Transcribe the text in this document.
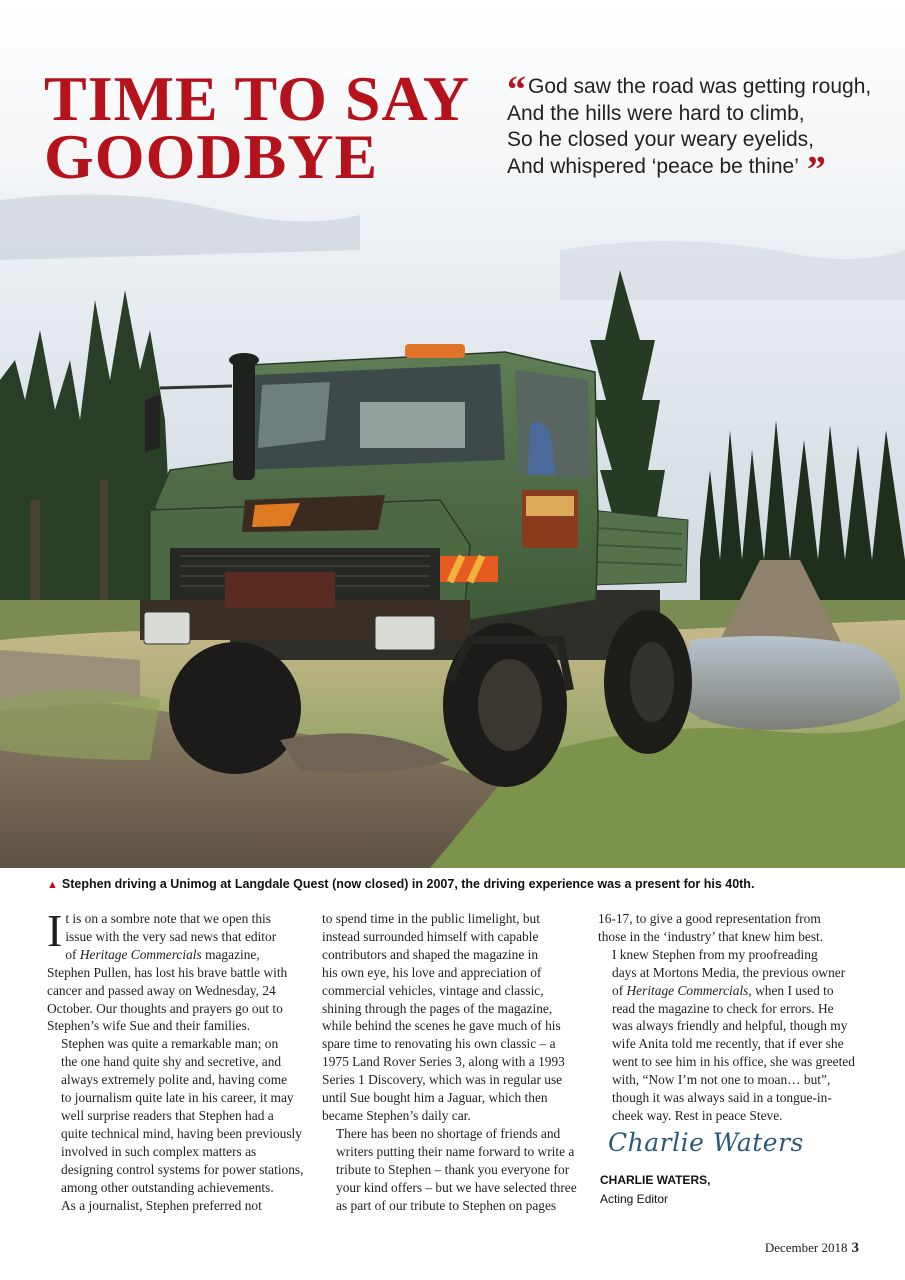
TIME TO SAY
GOODBYE
“ God saw the road was getting rough,
And the hills were hard to climb,
So he closed your weary eyelids,
And whispered ‘peace be thine’ ”
▲ Stephen driving a Unimog at Langdale Quest (now closed) in 2007, the driving experience was a present for his 40th.

I t is on a sombre note that we open this
issue with the very sad news that editor
of Heritage Commercials magazine,
Stephen Pullen, has lost his brave battle with
cancer and passed away on Wednesday, 24
October. Our thoughts and prayers go out to
Stephen’s wife Sue and their families.

Stephen was quite a remarkable man; on
the one hand quite shy and secretive, and
always extremely polite and, having come
to journalism quite late in his career, it may
well surprise readers that Stephen had a
quite technical mind, having been previously
involved in such complex matters as
designing control systems for power stations,
among other outstanding achievements.

As a journalist, Stephen preferred not

to spend time in the public limelight, but
instead surrounded himself with capable
contributors and shaped the magazine in
his own eye, his love and appreciation of
commercial vehicles, vintage and classic,
shining through the pages of the magazine,
while behind the scenes he gave much of his
spare time to renovating his own classic – a
1975 Land Rover Series 3, along with a 1993
Series 1 Discovery, which was in regular use
until Sue bought him a Jaguar, which then
became Stephen’s daily car.

There has been no shortage of friends and
writers putting their name forward to write a
tribute to Stephen – thank you everyone for
your kind offers – but we have selected three
as part of our tribute to Stephen on pages

16-17, to give a good representation from
those in the ‘industry’ that knew him best.

I knew Stephen from my proofreading
days at Mortons Media, the previous owner
of Heritage Commercials, when I used to
read the magazine to check for errors. He
was always friendly and helpful, though my
wife Anita told me recently, that if ever she
went to see him in his office, she was greeted
with, “Now I’m not one to moan… but”,
though it was always said in a tongue-in-
cheek way. Rest in peace Steve.

Charlie Waters
CHARLIE WATERS,
Acting Editor
December 2018 3
